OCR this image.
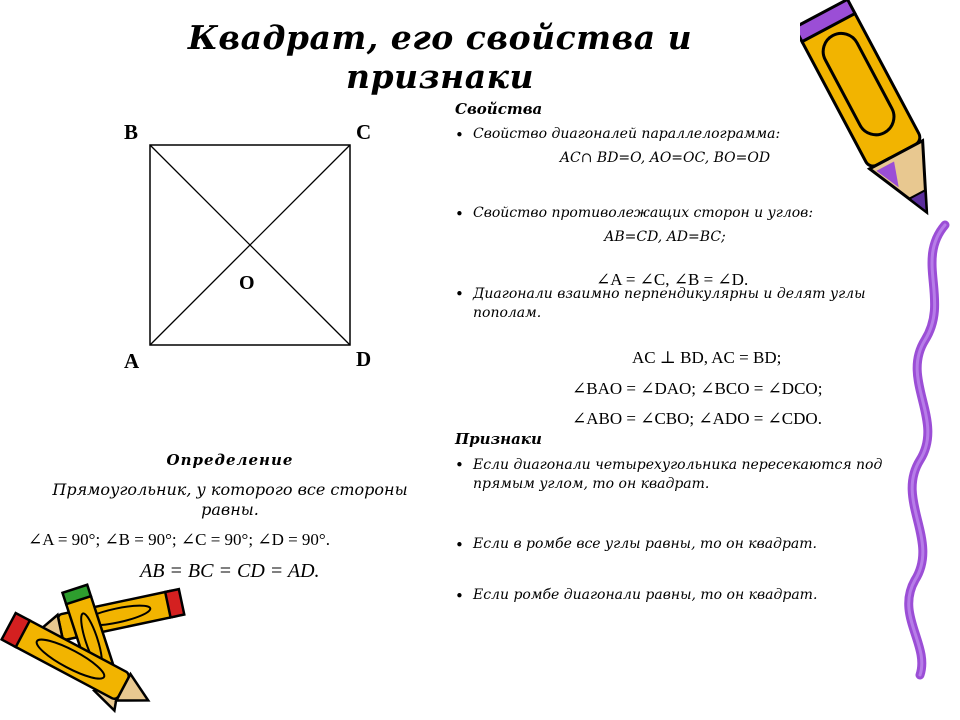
Квадрат, его свойства и признаки
B	C
A	D
O
Свойства
• Свойство диагоналей параллелограмма:
AC∩ BD=O, AO=OC, BO=OD
• Свойство противолежащих сторон и углов:
AB=CD, AD=BC;
∠A = ∠C, ∠B = ∠D.
• Диагонали взаимно перпендикулярны и делят углы пополам.
AC ⊥ BD, AC = BD;
∠BAO = ∠DAO; ∠BCO = ∠DCO;
∠ABO = ∠CBO; ∠ADO = ∠CDO.
Признаки
• Если диагонали четырехугольника пересекаются под прямым углом, то он квадрат.
• Если в ромбе все углы равны, то он квадрат.
• Если ромбе диагонали равны, то он квадрат.
Определение
Прямоугольник, у которого все стороны равны.
∠A = 90°; ∠B = 90°; ∠C = 90°; ∠D = 90°.
AB = BC = CD = AD.
